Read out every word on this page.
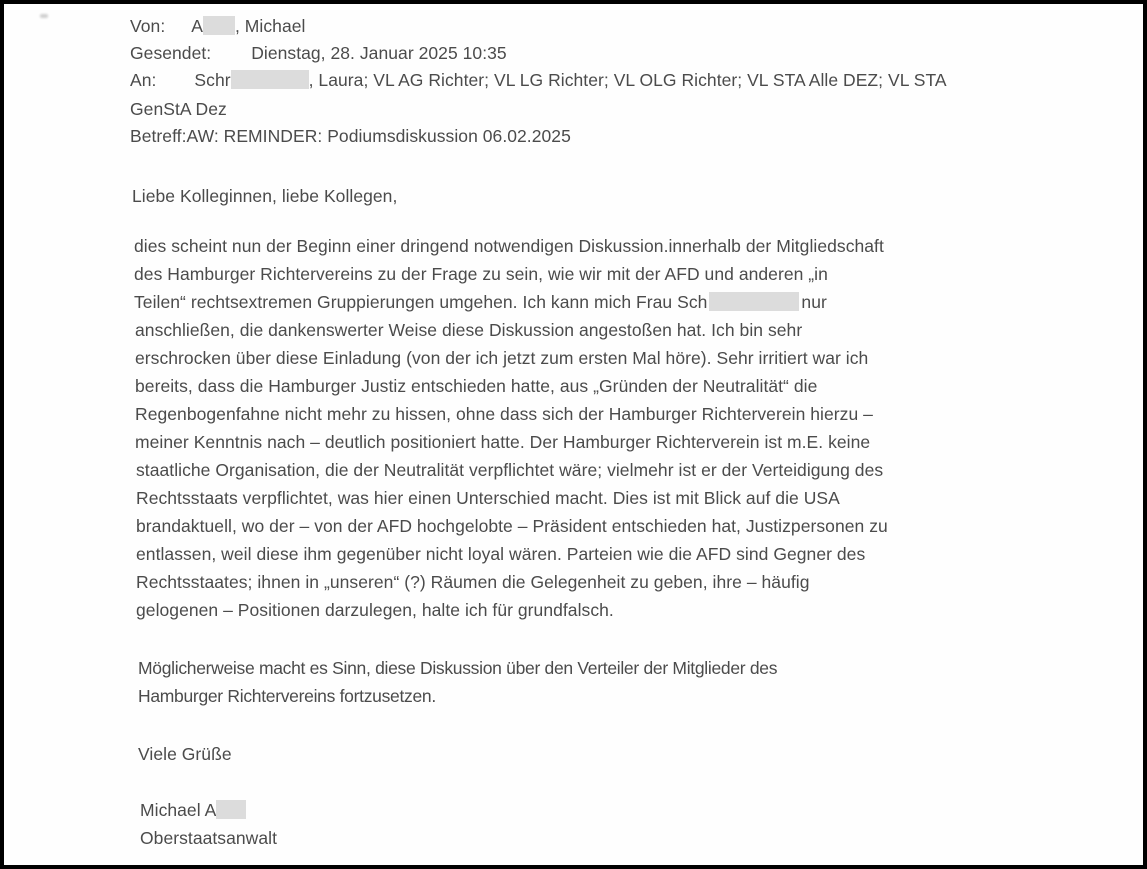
Von: A , Michael
Gesendet: Dienstag, 28. Januar 2025 10:35
An: Schr	, Laura; VL AG Richter; VL LG Richter; VL OLG Richter; VL STA Alle DEZ; VL STA
GenStA Dez
Betreff:AW: REMINDER: Podiumsdiskussion 06.02.2025
Liebe Kolleginnen, liebe Kollegen,
dies scheint nun der Beginn einer dringend notwendigen Diskussion.innerhalb der Mitgliedschaft
des Hamburger Richtervereins zu der Frage zu sein, wie wir mit der AFD und anderen „in
Teilen“ rechtsextremen Gruppierungen umgehen. Ich kann mich Frau Sch	nur
anschließen, die dankenswerter Weise diese Diskussion angestoßen hat. Ich bin sehr
erschrocken über diese Einladung (von der ich jetzt zum ersten Mal höre). Sehr irritiert war ich
bereits, dass die Hamburger Justiz entschieden hatte, aus „Gründen der Neutralität“ die
Regenbogenfahne nicht mehr zu hissen, ohne dass sich der Hamburger Richterverein hierzu –
meiner Kenntnis nach – deutlich positioniert hatte. Der Hamburger Richterverein ist m.E. keine
staatliche Organisation, die der Neutralität verpflichtet wäre; vielmehr ist er der Verteidigung des
Rechtsstaats verpflichtet, was hier einen Unterschied macht. Dies ist mit Blick auf die USA
brandaktuell, wo der – von der AFD hochgelobte – Präsident entschieden hat, Justizpersonen zu
entlassen, weil diese ihm gegenüber nicht loyal wären. Parteien wie die AFD sind Gegner des
Rechtsstaates; ihnen in „unseren“ (?) Räumen die Gelegenheit zu geben, ihre – häufig
gelogenen – Positionen darzulegen, halte ich für grundfalsch.
Möglicherweise macht es Sinn, diese Diskussion über den Verteiler der Mitglieder des
Hamburger Richtervereins fortzusetzen.
Viele Grüße
Michael A
Oberstaatsanwalt
